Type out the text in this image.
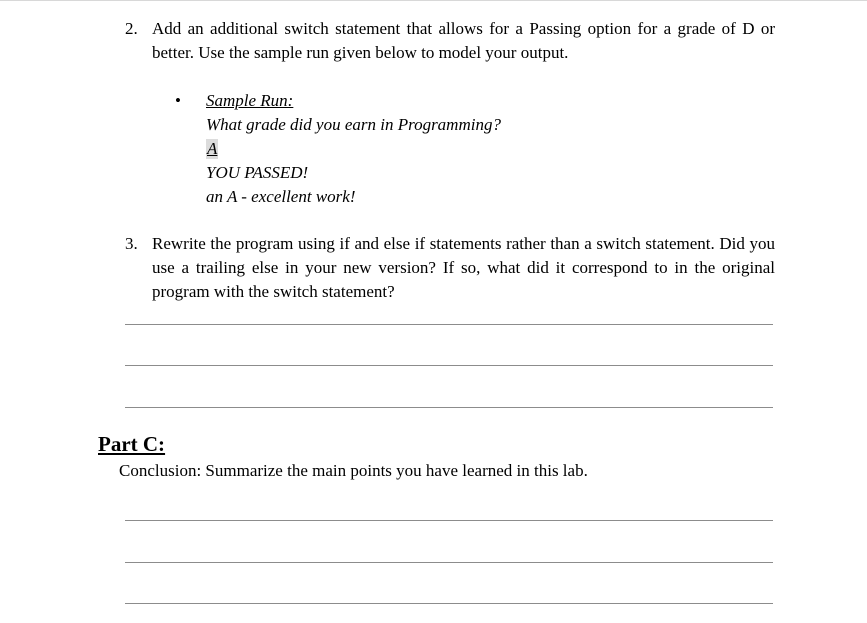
2. Add an additional switch statement that allows for a Passing option for a grade of D or better. Use the sample run given below to model your output.
• Sample Run:
What grade did you earn in Programming?
A
YOU PASSED!
an A - excellent work!
3. Rewrite the program using if and else if statements rather than a switch statement. Did you use a trailing else in your new version? If so, what did it correspond to in the original program with the switch statement?
Part C:
Conclusion: Summarize the main points you have learned in this lab.
